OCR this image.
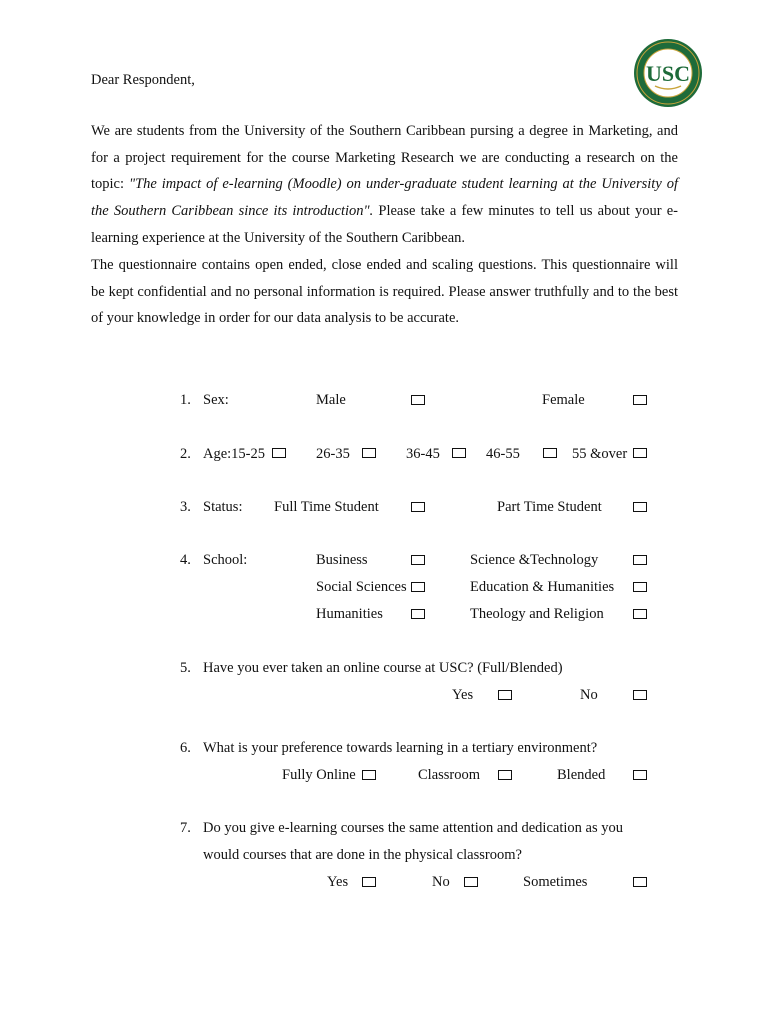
USC
Dear Respondent,
We are students from the University of the Southern Caribbean pursing a degree in Marketing, and for a project requirement for the course Marketing Research we are conducting a research on the topic: "The impact of e-learning (Moodle) on under-graduate student learning at the University of the Southern Caribbean since its introduction". Please take a few minutes to tell us about your e-learning experience at the University of the Southern Caribbean.
The questionnaire contains open ended, close ended and scaling questions. This questionnaire will be kept confidential and no personal information is required. Please answer truthfully and to the best of your knowledge in order for our data analysis to be accurate.
1. Sex:	Male	Female
2. Age:15-25	26-35	36-45	46-55	55 &over
3. Status: Full Time Student	Part Time Student
4. School:	Business	Science &Technology
Social Sciences	Education & Humanities
Humanities	Theology and Religion
5. Have you ever taken an online course at USC? (Full/Blended)
Yes	No
6. What is your preference towards learning in a tertiary environment?
Fully Online	Classroom	Blended
7. Do you give e-learning courses the same attention and dedication as you
would courses that are done in the physical classroom?
Yes	No	Sometimes
